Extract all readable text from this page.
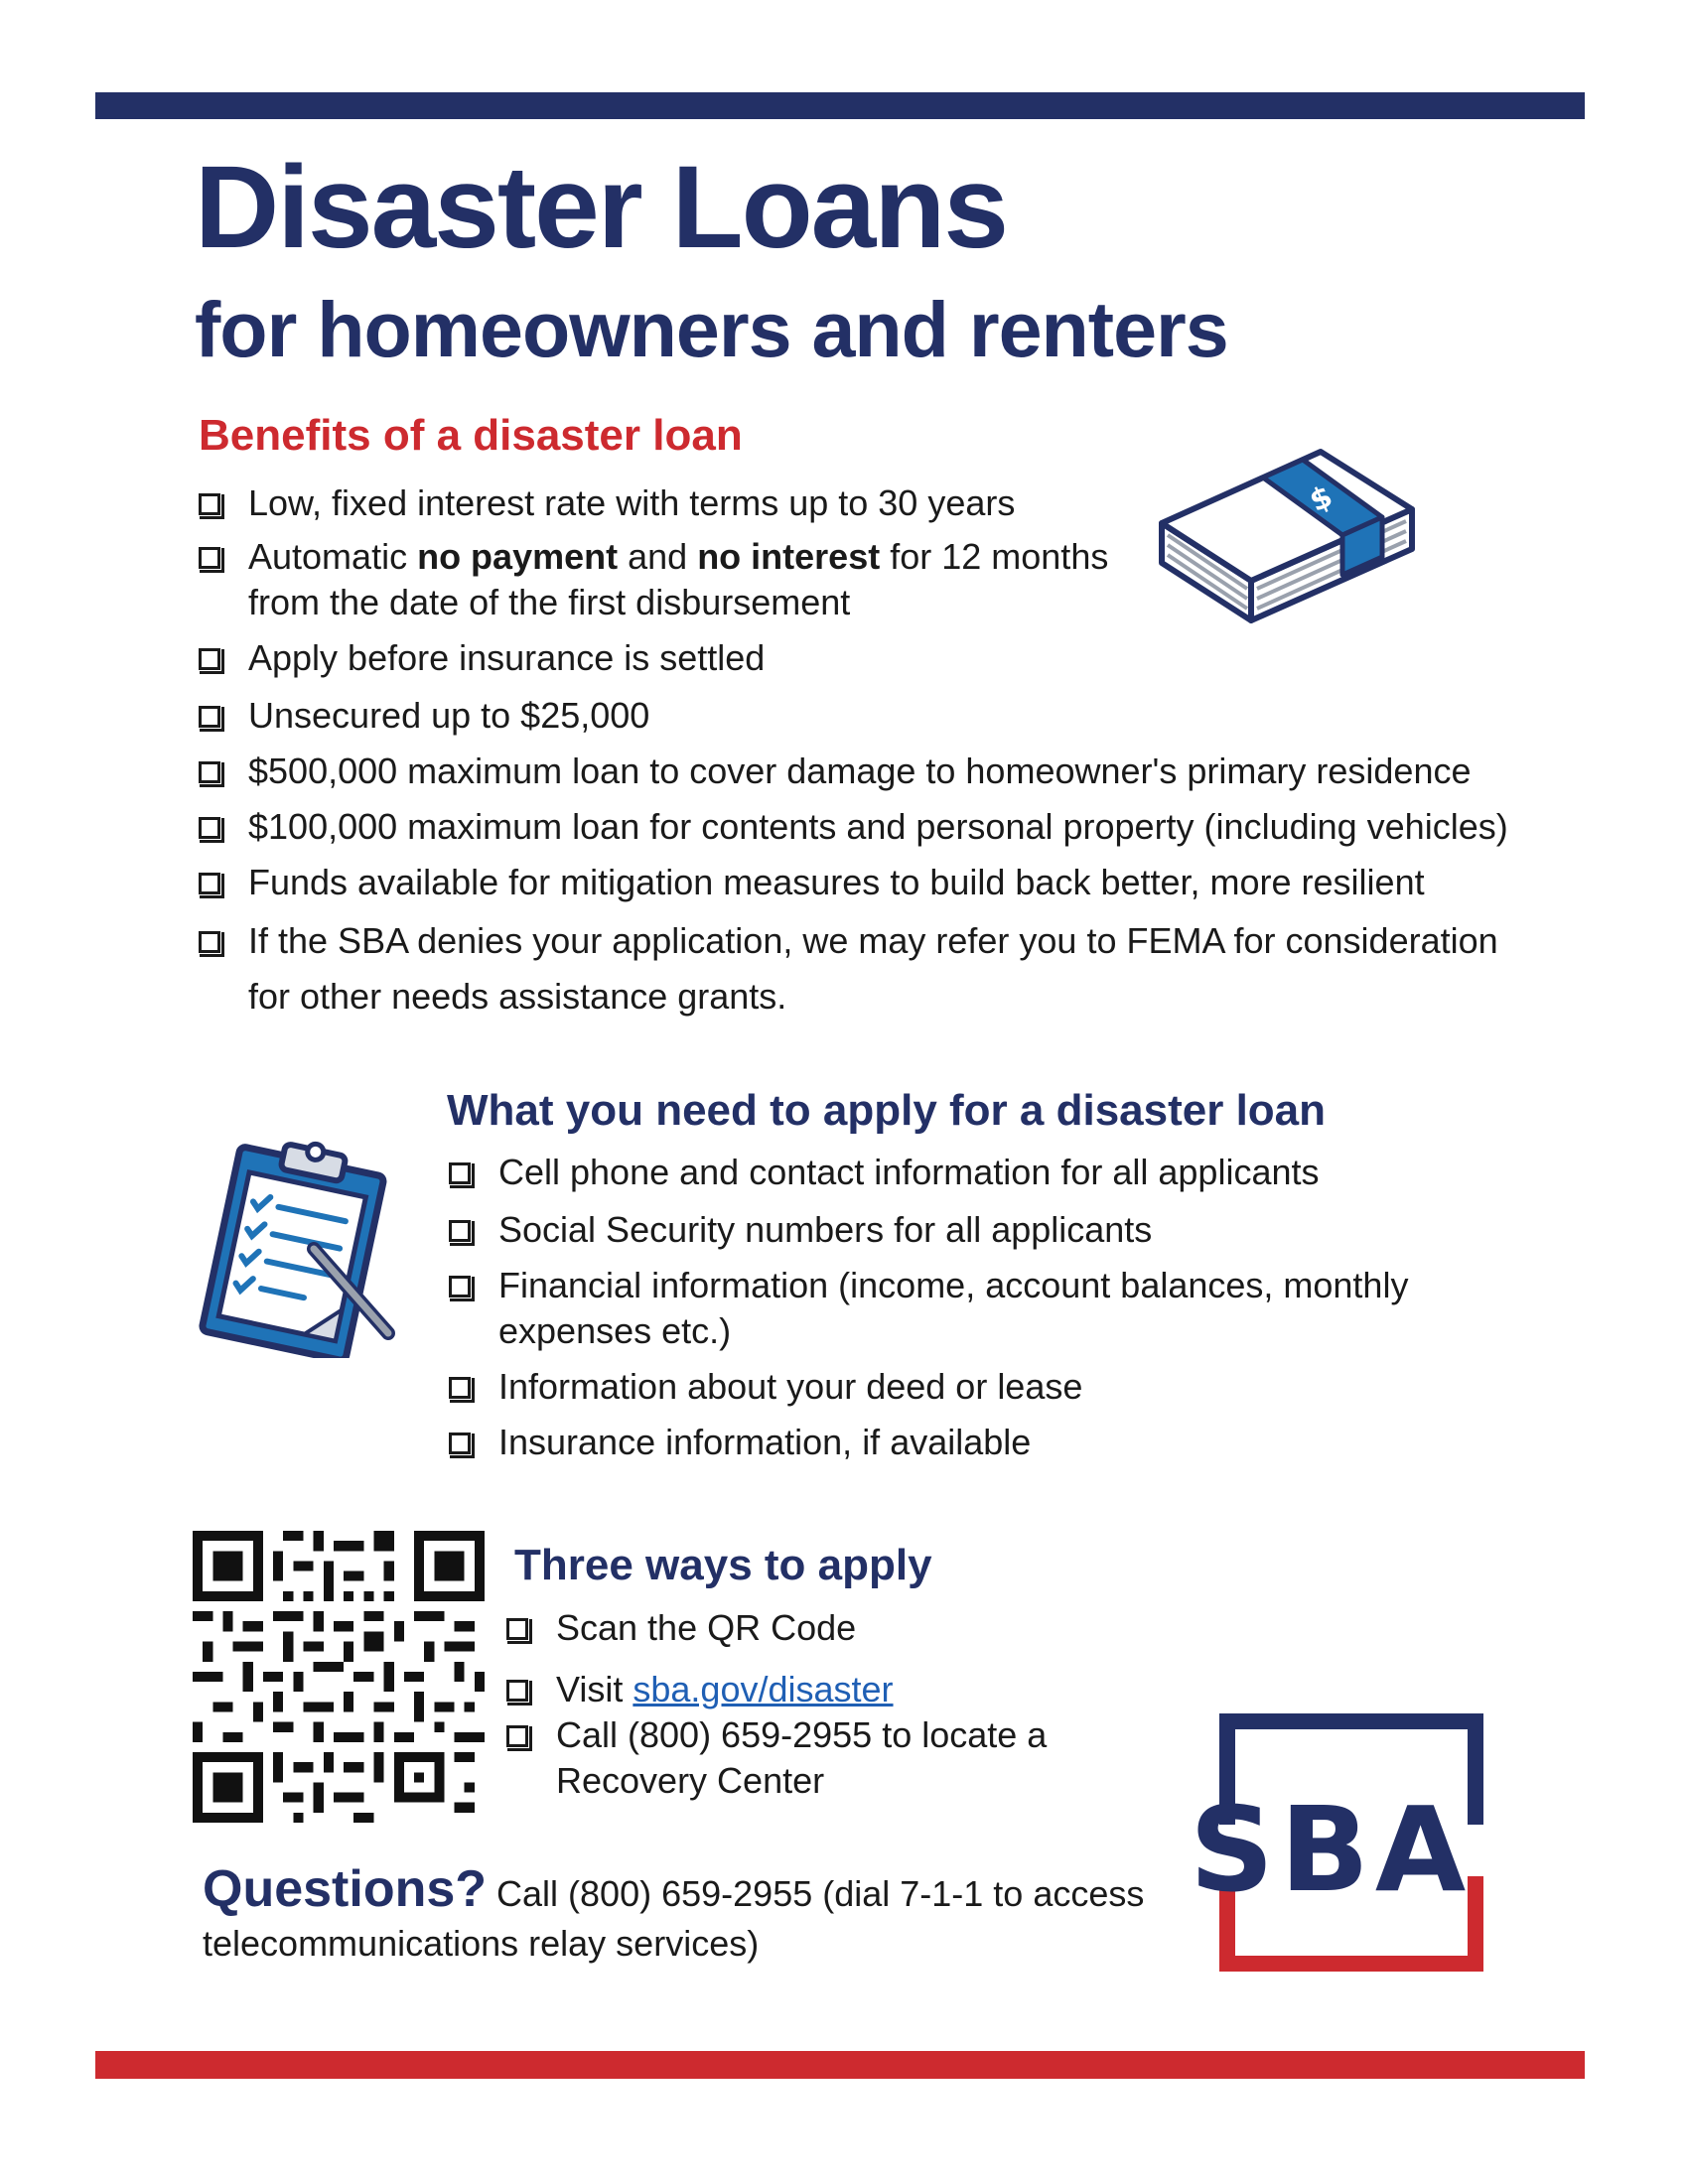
Disaster Loans
for homeowners and renters
Benefits of a disaster loan
$
Low, fixed interest rate with terms up to 30 years
Automatic no payment and no interest for 12 months from the date of the first disbursement
Apply before insurance is settled
Unsecured up to $25,000
$500,000 maximum loan to cover damage to homeowner's primary residence
$100,000 maximum loan for contents and personal property (including vehicles)
Funds available for mitigation measures to build back better, more resilient
If the SBA denies your application, we may refer you to FEMA for consideration for other needs assistance grants.
What you need to apply for a disaster loan
Cell phone and contact information for all applicants
Social Security numbers for all applicants
Financial information (income, account balances, monthly expenses etc.)
Information about your deed or lease
Insurance information, if available
Three ways to apply
Scan the QR Code
Visit sba.gov/disaster
Call (800) 659-2955 to locate a Recovery Center
SBA
Questions? Call (800) 659-2955 (dial 7-1-1 to access telecommunications relay services)
